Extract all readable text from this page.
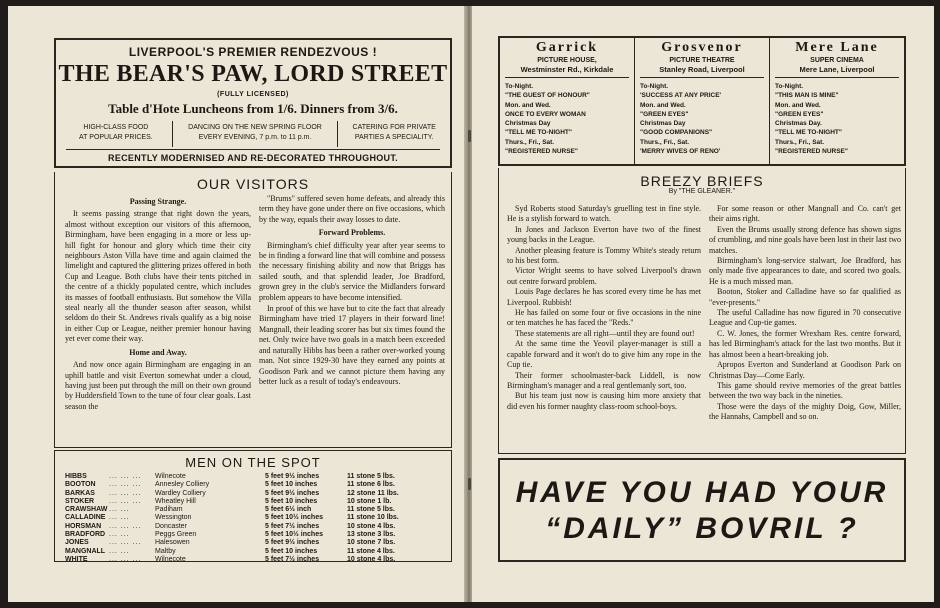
LIVERPOOL'S PREMIER RENDEZVOUS !
THE BEAR'S PAW, LORD STREET
(FULLY LICENSED)
Table d'Hote Luncheons from 1/6. Dinners from 3/6.
HIGH-CLASS FOOD
AT POPULAR PRICES.
DANCING ON THE NEW SPRING FLOOR
EVERY EVENING, 7 p.m. to 11 p.m.
CATERING FOR PRIVATE
PARTIES A SPECIALITY.
RECENTLY MODERNISED AND RE-DECORATED THROUGHOUT.
OUR VISITORS
Passing Strange.

It seems passing strange that right down the years, almost without exception our visitors of this afternoon, Birmingham, have been engaging in a more or less up-hill fight for honour and glory which time their city neighbours Aston Villa have time and again claimed the limelight and captured the glittering prizes offered in both Cup and League. Both clubs have their tents pitched in the centre of a thickly populated centre, which includes its masses of football enthusiasts. But somehow the Villa steal nearly all the thunder season after season, whilst seldom do their St. Andrews rivals qualify as a big noise in either Cup or League, neither premier honour having yet ever come their way.

Home and Away.

And now once again Birmingham are engaging in an uphill battle and visit Everton somewhat under a cloud, having just been put through the mill on their own ground by Huddersfield Town to the tune of four clear goals. Last season the

"Brums" suffered seven home defeats, and already this term they have gone under there on five occasions, which by the way, equals their away losses to date.

Forward Problems.

Birmingham's chief difficulty year after year seems to be in finding a forward line that will combine and possess the necessary finishing ability and now that Briggs has sailed south, and that splendid leader, Joe Bradford, grown grey in the club's service the Midlanders forward problem appears to have become intensified.

In proof of this we have but to cite the fact that already Birmingham have tried 17 players in their forward line! Mangnall, their leading scorer has but six times found the net. Only twice have two goals in a match been exceeded and naturally Hibbs has been a rather over-worked young man. Not since 1929-30 have they earned any points at Goodison Park and we cannot picture them having any better luck as a result of today's endeavours.

MEN ON THE SPOT
HIBBS	... ... ...	Wilnecote	5 feet 9½ inches	11 stone 5 lbs.
BOOTON	... ... ...	Annesley Colliery	5 feet 10 inches	11 stone 6 lbs.
BARKAS	... ... ...	Wardley Colliery	5 feet 9½ inches	12 stone 11 lbs.
STOKER	... ... ...	Wheatley Hill	5 feet 10 inches	10 stone 1 lb.
CRAWSHAW ... ...	Padiham	5 feet 6½ inch	11 stone 5 lbs.
CALLADINE ... ...	Wessington	5 feet 10½ inches	11 stone 10 lbs.
HORSMAN	... ... ...	Doncaster	5 feet 7½ inches	10 stone 4 lbs.
BRADFORD ... ...	Peggs Green	5 feet 10½ inches	13 stone 3 lbs.
JONES	... ... ...	Halesowen	5 feet 9½ inches	10 stone 7 lbs.
MANGNALL ... ...	Maltby	5 feet 10 inches	11 stone 4 lbs.
WHITE	... ... ...	Wilnecote	5 feet 7½ inches	10 stone 4 lbs.
Garrick
PICTURE HOUSE,
Westminster Rd., Kirkdale
To-Night.
"THE GUEST OF HONOUR"
Mon. and Wed.
ONCE TO EVERY WOMAN
Christmas Day
"TELL ME TO-NIGHT"
Thurs., Fri., Sat.
"REGISTERED NURSE"
Grosvenor
PICTURE THEATRE
Stanley Road, Liverpool
To-Night.
'SUCCESS AT ANY PRICE'
Mon. and Wed.
"GREEN EYES"
Christmas Day
"GOOD COMPANIONS"
Thurs., Fri., Sat.
'MERRY WIVES OF RENO'
Mere Lane
SUPER CINEMA
Mere Lane, Liverpool
To-Night.
"THIS MAN IS MINE"
Mon. and Wed.
"GREEN EYES"
Christmas Day.
"TELL ME TO-NIGHT"
Thurs., Fri., Sat.
"REGISTERED NURSE"
BREEZY BRIEFS
By "THE GLEANER."

Syd Roberts stood Saturday's gruelling test in fine style. He is a stylish forward to watch.

In Jones and Jackson Everton have two of the finest young backs in the League.

Another pleasing feature is Tommy White's steady return to his best form.

Victor Wright seems to have solved Liverpool's drawn out centre forward problem.

Louis Page declares he has scored every time he has met Liverpool. Rubbish!

He has failed on some four or five occasions in the nine or ten matches he has faced the "Reds."

These statements are all right—until they are found out!

At the same time the Yeovil player-manager is still a capable forward and it won't do to give him any rope in the Cup tie.

Their former schoolmaster-back Liddell, is now Birmingham's manager and a real gentlemanly sort, too.

But his team just now is causing him more anxiety that did even his former naughty class-room school-boys.

For some reason or other Mangnall and Co. can't get their aims right.

Even the Brums usually strong defence has shown signs of crumbling, and nine goals have been lost in their last two matches.

Birmingham's long-service stalwart, Joe Bradford, has only made five appearances to date, and scored two goals. He is a much missed man.

Booton, Stoker and Calladine have so far qualified as "ever-presents."

The useful Calladine has now figured in 70 consecutive League and Cup-tie games.

C. W. Jones, the former Wrexham Res. centre forward, has led Birmingham's attack for the last two months. But it has almost been a heart-breaking job.

Apropos Everton and Sunderland at Goodison Park on Christmas Day—Come Early.

This game should revive memories of the great battles between the two way back in the nineties.

Those were the days of the mighty Doig, Gow, Miller, the Hannahs, Campbell and so on.

HAVE YOU HAD YOUR
“DAILY” BOVRIL ?
